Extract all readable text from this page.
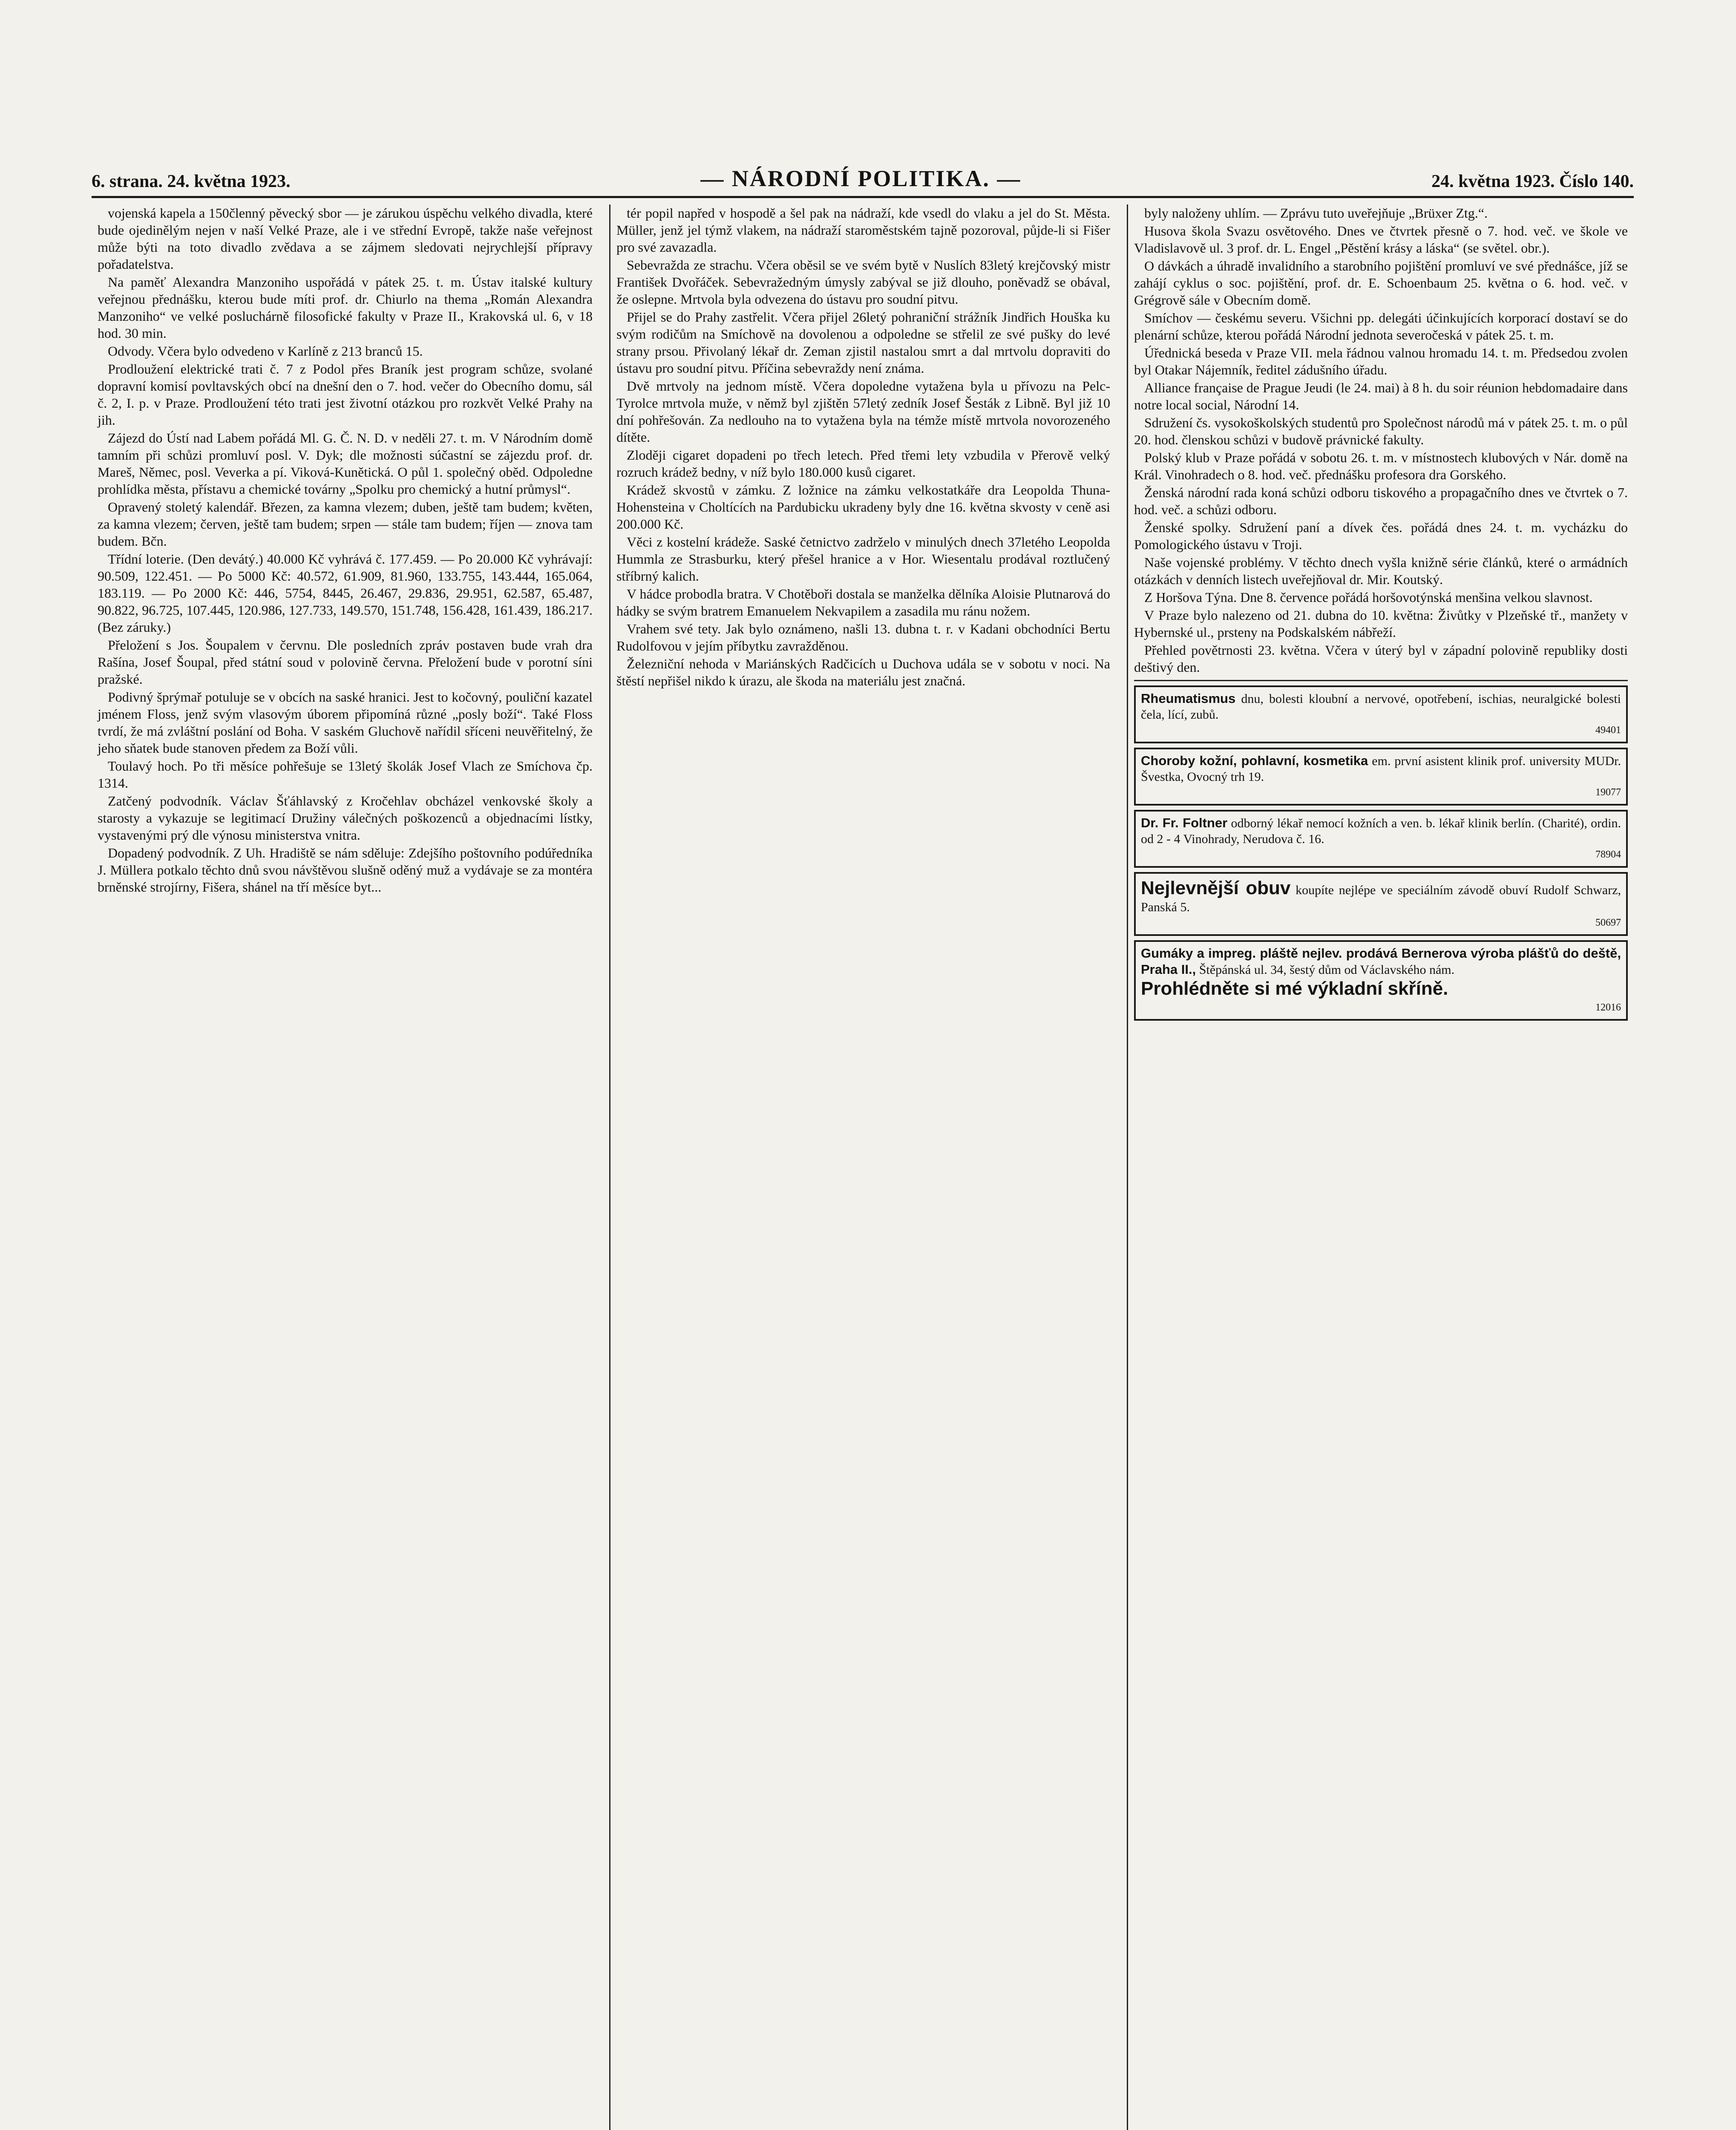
6. strana. 24. května 1923.	— NÁRODNÍ POLITIKA. —	24. května 1923. Číslo 140.

vojenská kapela a 150členný pěvecký sbor — je zárukou úspěchu velkého divadla, které bude ojedinělým nejen v naší Velké Praze, ale i ve střední Evropě, takže naše veřejnost může býti na toto divadlo zvědava a se zájmem sledovati nejrychlejší přípravy pořadatelstva.

Na paměť Alexandra Manzoniho uspořádá v pátek 25. t. m. Ústav italské kultury veřejnou přednášku, kterou bude míti prof. dr. Chiurlo na thema „Román Alexandra Manzoniho“ ve velké posluchárně filosofické fakulty v Praze II., Krakovská ul. 6, v 18 hod. 30 min.

Odvody. Včera bylo odvedeno v Karlíně z 213 branců 15.

Prodloužení elektrické trati č. 7 z Podol přes Braník jest program schůze, svolané dopravní komisí povltavských obcí na dnešní den o 7. hod. večer do Obecního domu, sál č. 2, I. p. v Praze. Prodloužení této trati jest životní otázkou pro rozkvět Velké Prahy na jih.

Zájezd do Ústí nad Labem pořádá Ml. G. Č. N. D. v neděli 27. t. m. V Národním domě tamním při schůzi promluví posl. V. Dyk; dle možnosti súčastní se zájezdu prof. dr. Mareš, Němec, posl. Veverka a pí. Viková-Kunětická. O půl 1. společný oběd. Odpoledne prohlídka města, přístavu a chemické továrny „Spolku pro chemický a hutní průmysl“.

Opravený stoletý kalendář. Březen, za kamna vlezem; duben, ještě tam budem; květen, za kamna vlezem; červen, ještě tam budem; srpen — stále tam budem; říjen — znova tam budem. Bčn.

Třídní loterie. (Den devátý.) 40.000 Kč vyhrává č. 177.459. — Po 20.000 Kč vyhrávají: 90.509, 122.451. — Po 5000 Kč: 40.572, 61.909, 81.960, 133.755, 143.444, 165.064, 183.119. — Po 2000 Kč: 446, 5754, 8445, 26.467, 29.836, 29.951, 62.587, 65.487, 90.822, 96.725, 107.445, 120.986, 127.733, 149.570, 151.748, 156.428, 161.439, 186.217. (Bez záruky.)

Přeložení s Jos. Šoupalem v červnu. Dle posledních zpráv postaven bude vrah dra Rašína, Josef Šoupal, před státní soud v polovině června. Přeložení bude v porotní síni pražské.

Podivný šprýmař potuluje se v obcích na saské hranici. Jest to kočovný, pouliční kazatel jménem Floss, jenž svým vlasovým úborem připomíná různé „posly boží“. Také Floss tvrdí, že má zvláštní poslání od Boha. V saském Gluchově nařídil sříceni neuvěřitelný, že jeho sňatek bude stanoven předem za Boží vůli.

Toulavý hoch. Po tři měsíce pohřešuje se 13letý školák Josef Vlach ze Smíchova čp. 1314.

Zatčený podvodník. Václav Šťáhlavský z Kročehlav obcházel venkovské školy a starosty a vykazuje se legitimací Družiny válečných poškozenců a objednacími lístky, vystavenými prý dle výnosu ministerstva vnitra.

Dopadený podvodník. Z Uh. Hradiště se nám sděluje: Zdejšího poštovního podúředníka J. Müllera potkalo těchto dnů svou návštěvou slušně oděný muž a vydávaje se za montéra brněnské strojírny, Fišera, shánel na tří měsíce byt...

tér popil napřed v hospodě a šel pak na nádraží, kde vsedl do vlaku a jel do St. Města. Müller, jenž jel týmž vlakem, na nádraží staroměstském tajně pozoroval, půjde-li si Fišer pro své zavazadla.

Sebevražda ze strachu. Včera oběsil se ve svém bytě v Nuslích 83letý krejčovský mistr František Dvořáček. Sebevražedným úmysly zabýval se již dlouho, poněvadž se obával, že oslepne. Mrtvola byla odvezena do ústavu pro soudní pitvu.

Přijel se do Prahy zastřelit. Včera přijel 26letý pohraniční strážník Jindřich Houška ku svým rodičům na Smíchově na dovolenou a odpoledne se střelil ze své pušky do levé strany prsou. Přivolaný lékař dr. Zeman zjistil nastalou smrt a dal mrtvolu dopraviti do ústavu pro soudní pitvu. Příčina sebevraždy není známa.

Dvě mrtvoly na jednom místě. Včera dopoledne vytažena byla u přívozu na Pelc-Tyrolce mrtvola muže, v němž byl zjištěn 57letý zedník Josef Šesták z Libně. Byl již 10 dní pohřešován. Za nedlouho na to vytažena byla na témže místě mrtvola novorozeného dítěte.

Zloději cigaret dopadeni po třech letech. Před třemi lety vzbudila v Přerově velký rozruch krádež bedny, v níž bylo 180.000 kusů cigaret.

Krádež skvostů v zámku. Z ložnice na zámku velkostatkáře dra Leopolda Thuna-Hohensteina v Choltících na Pardubicku ukradeny byly dne 16. května skvosty v ceně asi 200.000 Kč.

Věci z kostelní krádeže. Saské četnictvo zadrželo v minulých dnech 37letého Leopolda Hummla ze Strasburku, který přešel hranice a v Hor. Wiesentalu prodával roztlučený stříbrný kalich.

V hádce probodla bratra. V Chotěboři dostala se manželka dělníka Aloisie Plutnarová do hádky se svým bratrem Emanuelem Nekvapilem a zasadila mu ránu nožem.

Vrahem své tety. Jak bylo oznámeno, našli 13. dubna t. r. v Kadani obchodníci Bertu Rudolfovou v jejím příbytku zavražděnou.

Železniční nehoda v Mariánských Radčicích u Duchova udála se v sobotu v noci. Na štěstí nepřišel nikdo k úrazu, ale škoda na materiálu jest značná.

byly naloženy uhlím. — Zprávu tuto uveřejňuje „Brüxer Ztg.“.

Husova škola Svazu osvětového. Dnes ve čtvrtek přesně o 7. hod. več. ve škole ve Vladislavově ul. 3 prof. dr. L. Engel „Pěstění krásy a láska“ (se světel. obr.).

O dávkách a úhradě invalidního a starobního pojištění promluví ve své přednášce, jíž se zahájí cyklus o soc. pojištění, prof. dr. E. Schoenbaum 25. května o 6. hod. več. v Grégrově sále v Obecním domě.

Smíchov — českému severu. Všichni pp. delegáti účinkujících korporací dostaví se do plenární schůze, kterou pořádá Národní jednota severočeská v pátek 25. t. m.

Úřednická beseda v Praze VII. mela řádnou valnou hromadu 14. t. m. Předsedou zvolen byl Otakar Nájemník, ředitel zádušního úřadu.

Alliance française de Prague Jeudi (le 24. mai) à 8 h. du soir réunion hebdomadaire dans notre local social, Národní 14.

Sdružení čs. vysokoškolských studentů pro Společnost národů má v pátek 25. t. m. o půl 20. hod. členskou schůzi v budově právnické fakulty.

Polský klub v Praze pořádá v sobotu 26. t. m. v místnostech klubových v Nár. domě na Král. Vinohradech o 8. hod. več. přednášku profesora dra Gorského.

Ženská národní rada koná schůzi odboru tiskového a propagačního dnes ve čtvrtek o 7. hod. več. a schůzi odboru.

Ženské spolky. Sdružení paní a dívek čes. pořádá dnes 24. t. m. vycházku do Pomologického ústavu v Troji.

Naše vojenské problémy. V těchto dnech vyšla knižně série článků, které o armádních otázkách v denních listech uveřejňoval dr. Mir. Koutský.

Z Horšova Týna. Dne 8. července pořádá horšovotýnská menšina velkou slavnost.

V Praze bylo nalezeno od 21. dubna do 10. května: Živůtky v Plzeňské tř., manžety v Hybernské ul., prsteny na Podskalském nábřeží.

Přehled povětrnosti 23. května. Včera v úterý byl v západní polovině republiky dosti deštivý den.

Rheumatismus dnu, bolesti kloubní a nervové, opotřebení, ischias, neuralgické bolesti čela, lící, zubů.
49401
Choroby kožní, pohlavní, kosmetika em. první asistent klinik prof. university MUDr. Švestka, Ovocný trh 19.
19077
Dr. Fr. Foltner odborný lékař nemocí kožních a ven. b. lékař klinik berlín. (Charité), ordin. od 2 - 4 Vinohrady, Nerudova č. 16.
78904
Nejlevnější obuv koupíte nejlépe ve speciálním závodě obuví Rudolf Schwarz, Panská 5.
50697
Gumáky a impreg. pláště nejlev. prodává Bernerova výroba plášťů do deště, Praha II., Štěpánská ul. 34, šestý dům od Václavského nám.
Prohlédněte si mé výkladní skříně.
12016
